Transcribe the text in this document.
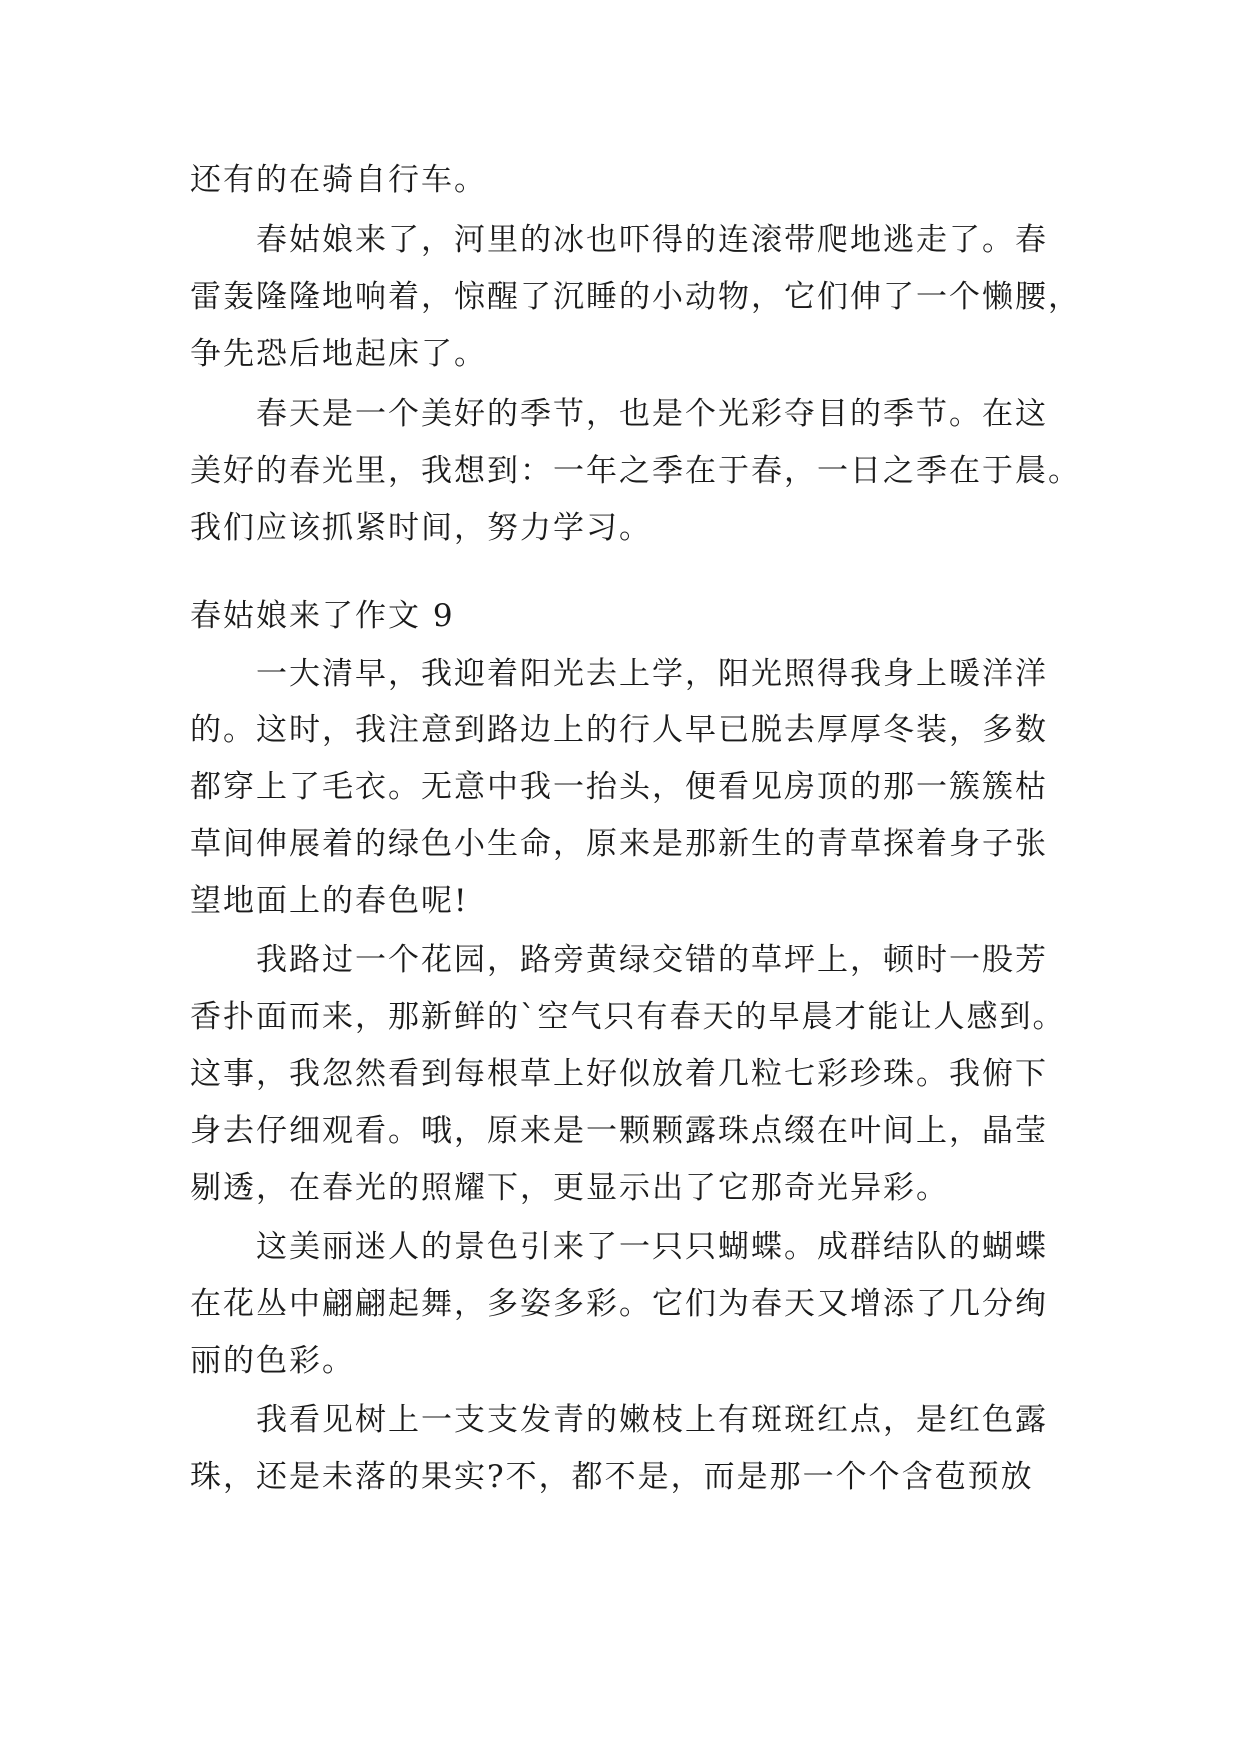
还有的在骑自行车。
　　春姑娘来了，河里的冰也吓得的连滚带爬地逃走了。春
雷轰隆隆地响着，惊醒了沉睡的小动物，它们伸了一个懒腰，
争先恐后地起床了。
　　春天是一个美好的季节，也是个光彩夺目的季节。在这
美好的春光里，我想到：一年之季在于春，一日之季在于晨。
我们应该抓紧时间，努力学习。
春姑娘来了作文 9
　　一大清早，我迎着阳光去上学，阳光照得我身上暖洋洋
的。这时，我注意到路边上的行人早已脱去厚厚冬装，多数
都穿上了毛衣。无意中我一抬头，便看见房顶的那一簇簇枯
草间伸展着的绿色小生命，原来是那新生的青草探着身子张
望地面上的春色呢!
　　我路过一个花园，路旁黄绿交错的草坪上，顿时一股芳
香扑面而来，那新鲜的`空气只有春天的早晨才能让人感到。
这事，我忽然看到每根草上好似放着几粒七彩珍珠。我俯下
身去仔细观看。哦，原来是一颗颗露珠点缀在叶间上，晶莹
剔透，在春光的照耀下，更显示出了它那奇光异彩。
　　这美丽迷人的景色引来了一只只蝴蝶。成群结队的蝴蝶
在花丛中翩翩起舞，多姿多彩。它们为春天又增添了几分绚
丽的色彩。
　　我看见树上一支支发青的嫩枝上有斑斑红点，是红色露
珠，还是未落的果实?不，都不是，而是那一个个含苞预放
